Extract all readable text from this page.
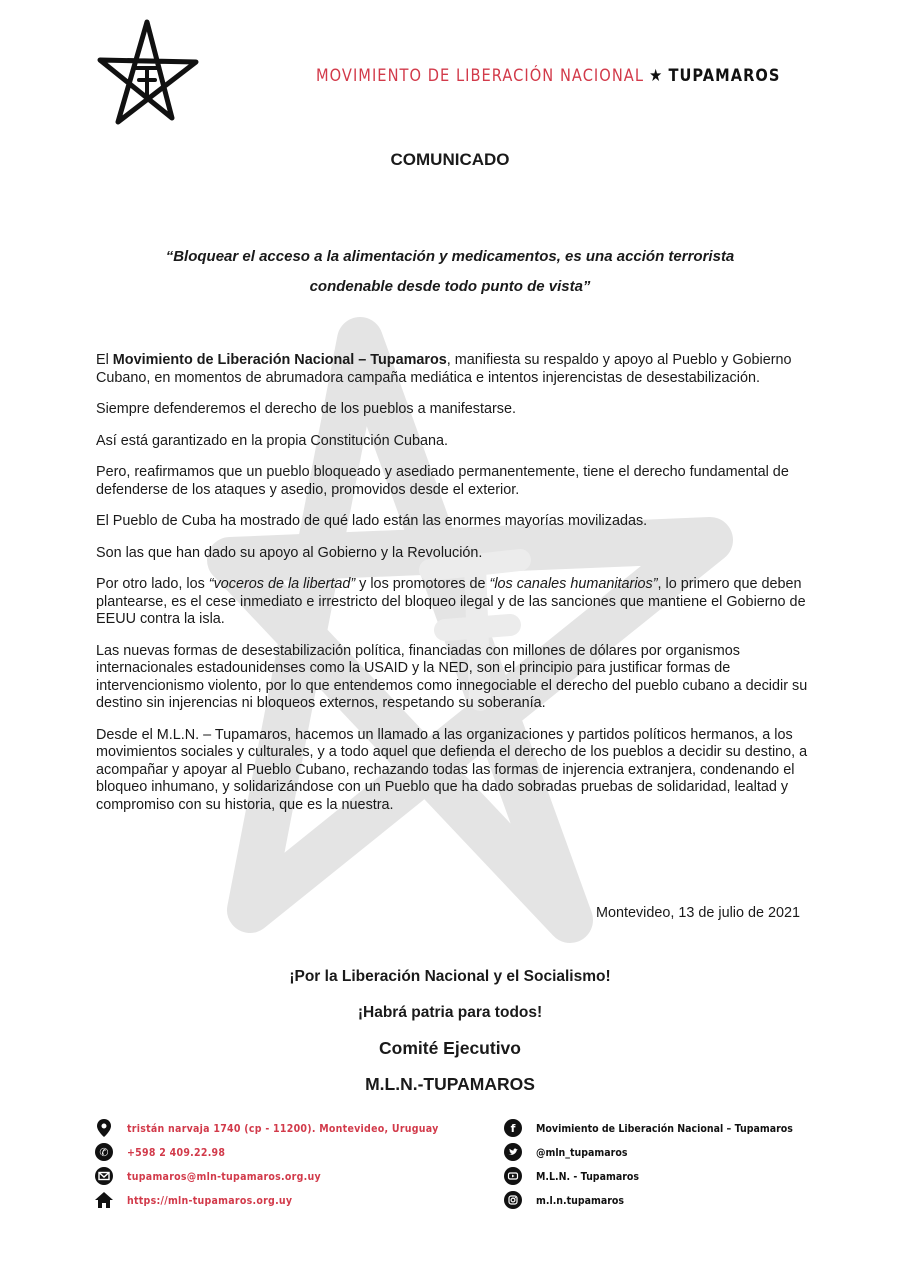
MOVIMIENTO DE LIBERACIÓN NACIONAL ★ TUPAMAROS
COMUNICADO
“Bloquear el acceso a la alimentación y medicamentos, es una acción terrorista
condenable desde todo punto de vista”

El Movimiento de Liberación Nacional – Tupamaros, manifiesta su respaldo y apoyo al Pueblo y Gobierno Cubano, en momentos de abrumadora campaña mediática e intentos injerencistas de desestabilización.

Siempre defenderemos el derecho de los pueblos a manifestarse.

Así está garantizado en la propia Constitución Cubana.

Pero, reafirmamos que un pueblo bloqueado y asediado permanentemente, tiene el derecho fundamental de defenderse de los ataques y asedio, promovidos desde el exterior.

El Pueblo de Cuba ha mostrado de qué lado están las enormes mayorías movilizadas.

Son las que han dado su apoyo al Gobierno y la Revolución.

Por otro lado, los “voceros de la libertad” y los promotores de “los canales humanitarios”, lo primero que deben plantearse, es el cese inmediato e irrestricto del bloqueo ilegal y de las sanciones que mantiene el Gobierno de EEUU contra la isla.

Las nuevas formas de desestabilización política, financiadas con millones de dólares por organismos internacionales estadounidenses como la USAID y la NED, son el principio para justificar formas de intervencionismo violento, por lo que entendemos como innegociable el derecho del pueblo cubano a decidir su destino sin injerencias ni bloqueos externos, respetando su soberanía.

Desde el M.L.N. – Tupamaros, hacemos un llamado a las organizaciones y partidos políticos hermanos, a los movimientos sociales y culturales, y a todo aquel que defienda el derecho de los pueblos a decidir su destino, a acompañar y apoyar al Pueblo Cubano, rechazando todas las formas de injerencia extranjera, condenando el bloqueo inhumano, y solidarizándose con un Pueblo que ha dado sobradas pruebas de solidaridad, lealtad y compromiso con su historia, que es la nuestra.

Montevideo, 13 de julio de 2021
¡Por la Liberación Nacional y el Socialismo!
¡Habrá patria para todos!
Comité Ejecutivo
M.L.N.-TUPAMAROS
tristán narvaja 1740 (cp - 11200). Montevideo, Uruguay
✆	+598 2 409.22.98
tupamaros@mln-tupamaros.org.uy
https://mln-tupamaros.org.uy
f	Movimiento de Liberación Nacional – Tupamaros
@mln_tupamaros
M.L.N. - Tupamaros
m.l.n.tupamaros
